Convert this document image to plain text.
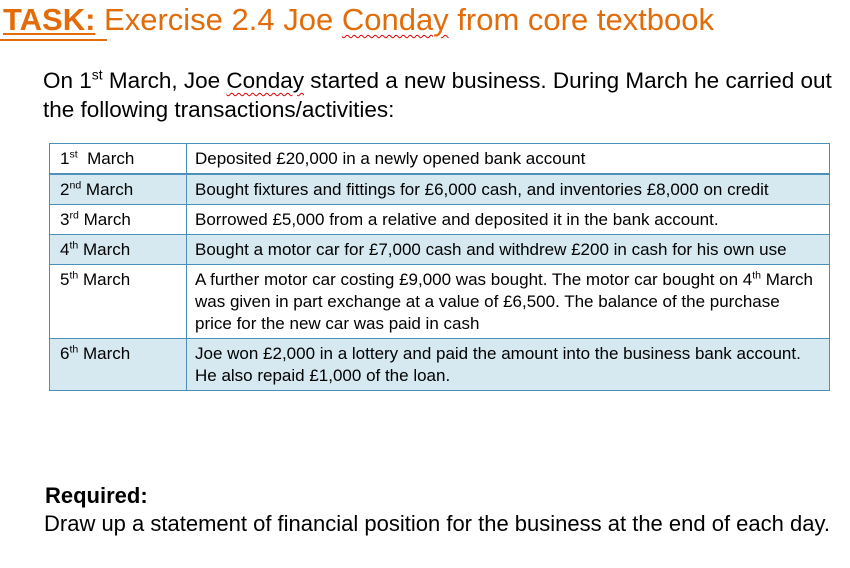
TASK: Exercise 2.4 Joe Conday from core textbook
On 1st March, Joe Conday started a new business. During March he carried out the following transactions/activities:
1st  March	Deposited £20,000 in a newly opened bank account
2nd March	Bought fixtures and fittings for £6,000 cash, and inventories £8,000 on credit
3rd March	Borrowed £5,000 from a relative and deposited it in the bank account.
4th March	Bought a motor car for £7,000 cash and withdrew £200 in cash for his own use
5th March	A further motor car costing £9,000 was bought. The motor car bought on 4th March was given in part exchange at a value of £6,500. The balance of the purchase price for the new car was paid in cash
6th March	Joe won £2,000 in a lottery and paid the amount into the business bank account. He also repaid £1,000 of the loan.
Required:
Draw up a statement of financial position for the business at the end of each day.
